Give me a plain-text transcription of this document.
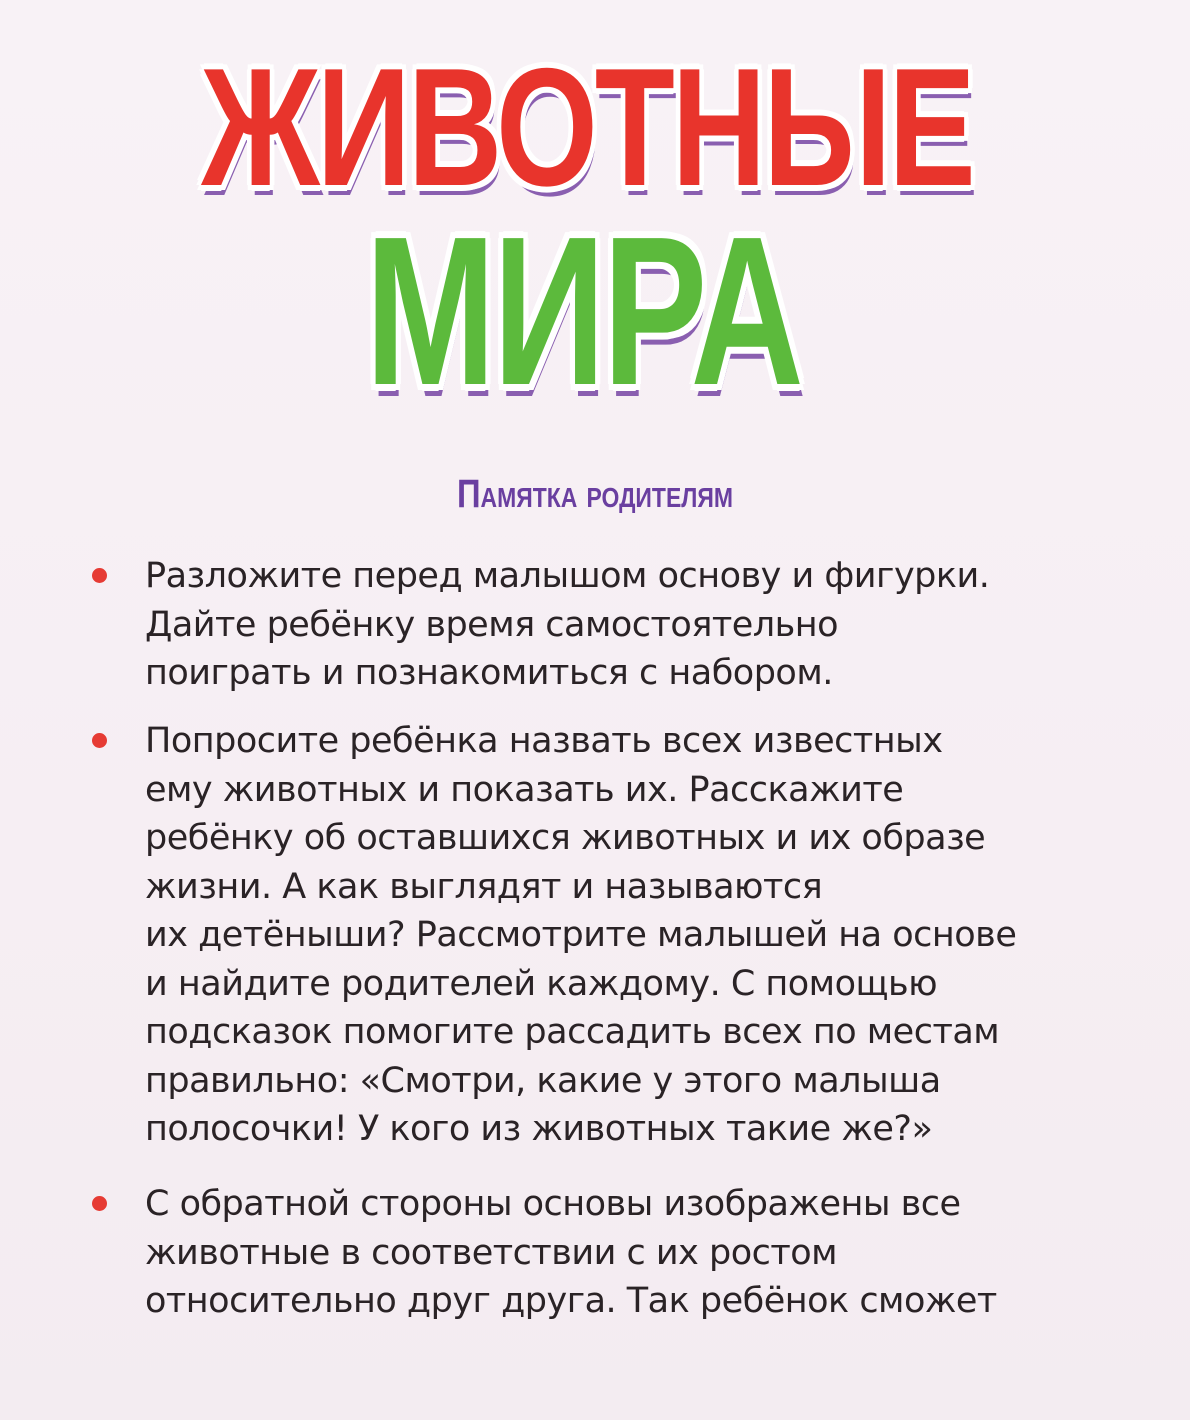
ЖИВОТНЫЕ
МИРА
Памятка родителям
Разложите перед малышом основу и фигурки.
Дайте ребёнку время самостоятельно
поиграть и познакомиться с набором.
Попросите ребёнка назвать всех известных
ему животных и показать их. Расскажите
ребёнку об оставшихся животных и их образе
жизни. А как выглядят и называются
их детёныши? Рассмотрите малышей на основе
и найдите родителей каждому. С помощью
подсказок помогите рассадить всех по местам
правильно: «Смотри, какие у этого малыша
полосочки! У кого из животных такие же?»
С обратной стороны основы изображены все
животные в соответствии с их ростом
относительно друг друга. Так ребёнок сможет
